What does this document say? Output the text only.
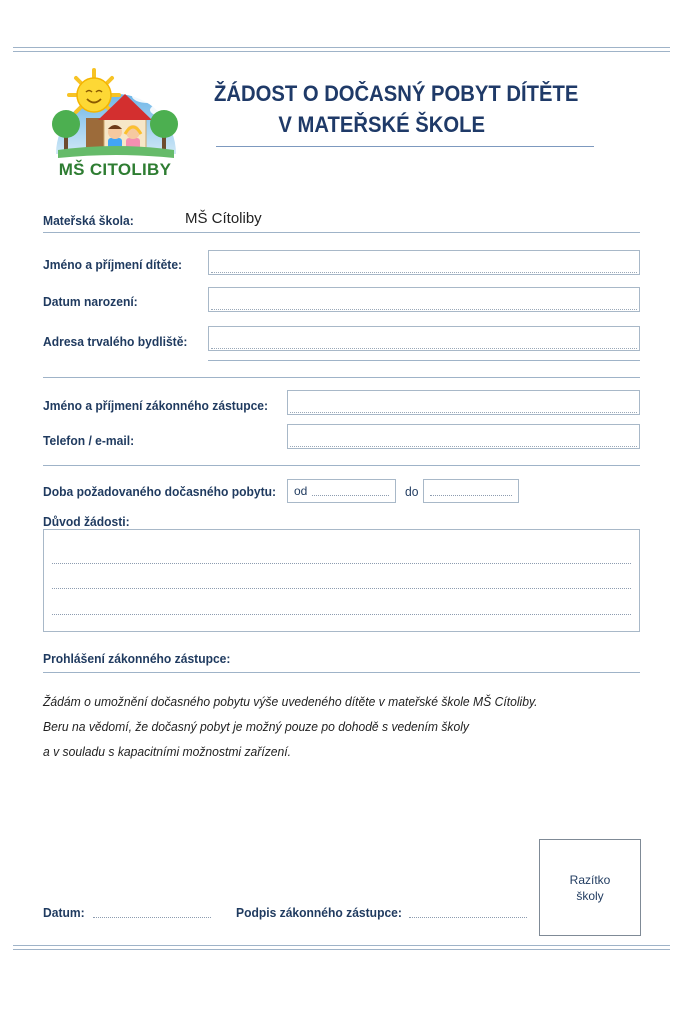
MŠ CITOLIBY
ŽÁDOST O DOČASNÝ POBYT DÍTĚTE
V MATEŘSKÉ ŠKOLE
Mateřská škola:	MŠ Cítoliby
Jméno a příjmení dítěte:
Datum narození:
Adresa trvalého bydliště:
Jméno a příjmení zákonného zástupce:
Telefon / e-mail:
Doba požadovaného dočasného pobytu:	od	do
Důvod žádosti:
Prohlášení zákonného zástupce:
Žádám o umožnění dočasného pobytu výše uvedeného dítěte v mateřské škole MŠ Cítoliby.
Beru na vědomí, že dočasný pobyt je možný pouze po dohodě s vedením školy
a v souladu s kapacitními možnostmi zařízení.
Datum:	Podpis zákonného zástupce:
Razítko
školy
